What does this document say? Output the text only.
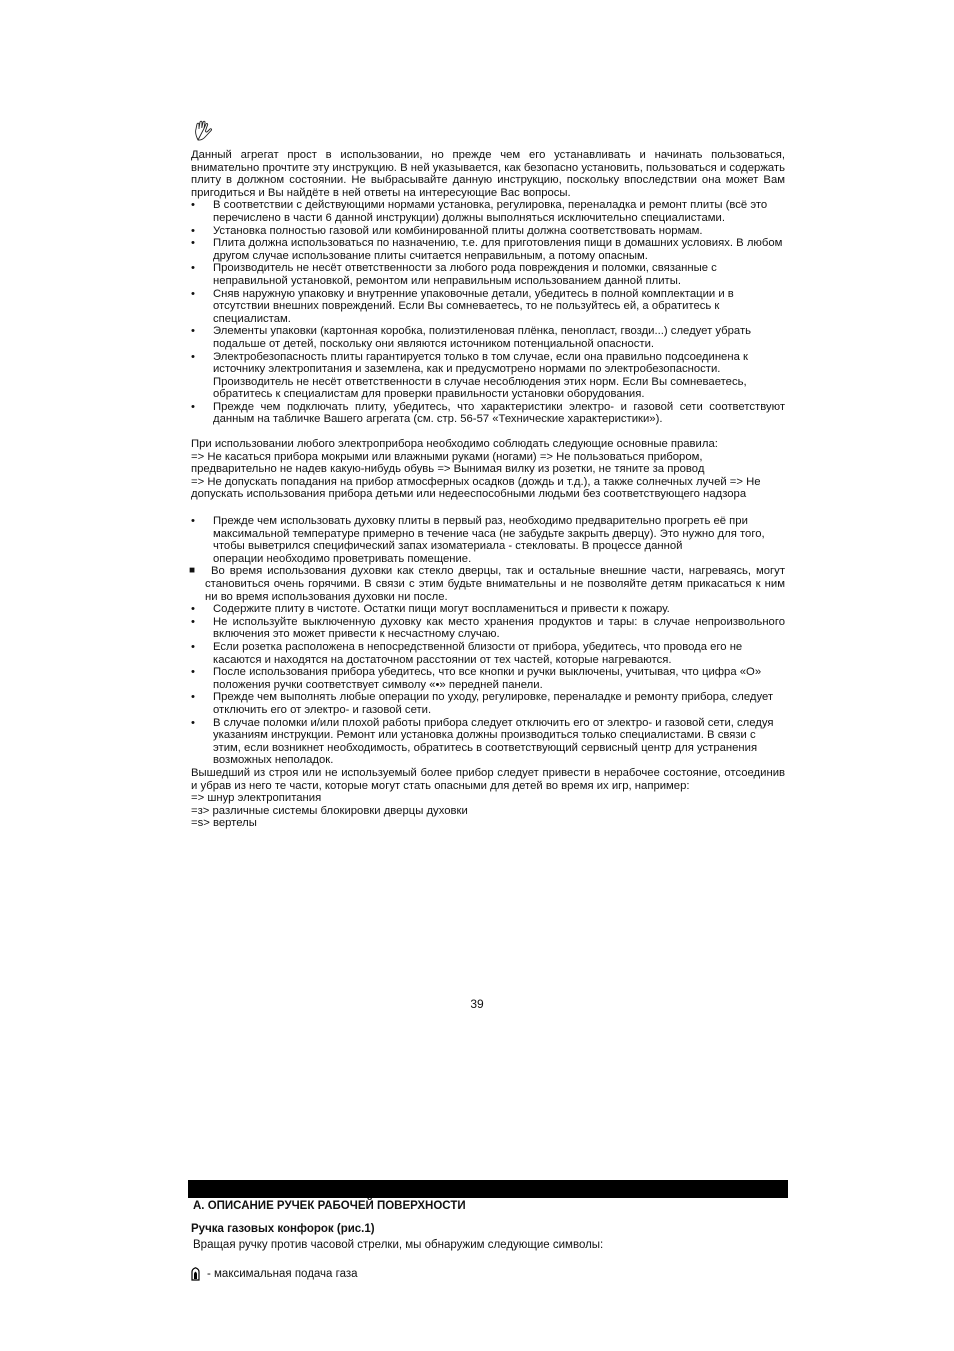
Данный агрегат прост в использовании, но прежде чем его устанавливать и начинать пользоваться, внимательно прочтите эту инструкцию. В ней указывается, как безопасно установить, пользоваться и содержать плиту в должном состоянии. Не выбрасывайте данную инструкцию, поскольку впоследствии она может Вам пригодиться и Вы найдёте в ней ответы на интересующие Вас вопросы.

• В соответствии с действующими нормами установка, регулировка, переналадка и ремонт плиты (всё это перечислено в части 6 данной инструкции) должны выполняться исключительно специалистами.
• Установка полностью газовой или комбинированной плиты должна соответствовать нормам.
• Плита должна использоваться по назначению, т.е. для приготовления пищи в домашних условиях. В любом другом случае использование плиты считается неправильным, а потому опасным.
• Производитель не несёт ответственности за любого рода повреждения и поломки, связанные с неправильной установкой, ремонтом или неправильным использованием данной плиты.
• Сняв наружную упаковку и внутренние упаковочные детали, убедитесь в полной комплектации и в отсутствии внешних повреждений. Если Вы сомневаетесь, то не пользуйтесь ей, а обратитесь к специалистам.
• Элементы упаковки (картонная коробка, полиэтиленовая плёнка, пенопласт, гвозди...) следует убрать подальше от детей, поскольку они являются источником потенциальной опасности.
• Электробезопасность плиты гарантируется только в том случае, если она правильно подсоединена к источнику электропитания и заземлена, как и предусмотрено нормами по электробезопасности. Производитель не несёт ответственности в случае несоблюдения этих норм. Если Вы сомневаетесь, обратитесь к специалистам для проверки правильности установки оборудования.
• Прежде чем подключать плиту, убедитесь, что характеристики электро- и газовой сети соответствуют данным на табличке Вашего агрегата (см. стр. 56-57 «Технические характеристики»).

При использовании любого электроприбора необходимо соблюдать следующие основные правила:

=> Не касаться прибора мокрыми или влажными руками (ногами) => Не пользоваться прибором, предварительно не надев какую-нибудь обувь => Вынимая вилку из розетки, не тяните за провод

=> Не допускать попадания на прибор атмосферных осадков (дождь и т.д.), а также солнечных лучей => Не допускать использования прибора детьми или недееспособными людьми без соответствующего надзора

• Прежде чем использовать духовку плиты в первый раз, необходимо предварительно прогреть её при максимальной температуре примерно в течение часа (не забудьте закрыть дверцу). Это нужно для того, чтобы выветрился специфический запах изоматериала - стекловаты. В процессе данной
операции необходимо проветривать помещение.
■ Во время использования духовки как стекло дверцы, так и остальные внешние части, нагреваясь, могут становиться очень горячими. В связи с этим будьте внимательны и не позволяйте детям прикасаться к ним ни во время использования духовки ни после.
• Содержите плиту в чистоте. Остатки пищи могут воспламениться и привести к пожару.
• Не используйте выключенную духовку как место хранения продуктов и тары: в случае непроизвольного включения это может привести к несчастному случаю.
• Если розетка расположена в непосредственной близости от прибора, убедитесь, что провода его не касаются и находятся на достаточном расстоянии от тех частей, которые нагреваются.
• После использования прибора убедитесь, что все кнопки и ручки выключены, учитывая, что цифра «О» положения ручки соответствует символу «•» передней панели.
• Прежде чем выполнять любые операции по уходу, регулировке, переналадке и ремонту прибора, следует отключить его от электро- и газовой сети.
• В случае поломки и/или плохой работы прибора следует отключить его от электро- и газовой сети, следуя указаниям инструкции. Ремонт или установка должны производиться только специалистами. В связи с этим, если возникнет необходимость, обратитесь в соответствующий сервисный центр для устранения возможных неполадок.

Вышедший из строя или не используемый более прибор следует привести в нерабочее состояние, отсоединив и убрав из него те части, которые могут стать опасными для детей во время их игр, например:

=> шнур электропитания
=з> различные системы блокировки дверцы духовки
=s> вертелы
39
А. ОПИСАНИЕ РУЧЕК РАБОЧЕЙ ПОВЕРХНОСТИ
Ручка газовых конфорок (рис.1)
Вращая ручку против часовой стрелки, мы обнаружим следующие символы:
- максимальная подача газа
